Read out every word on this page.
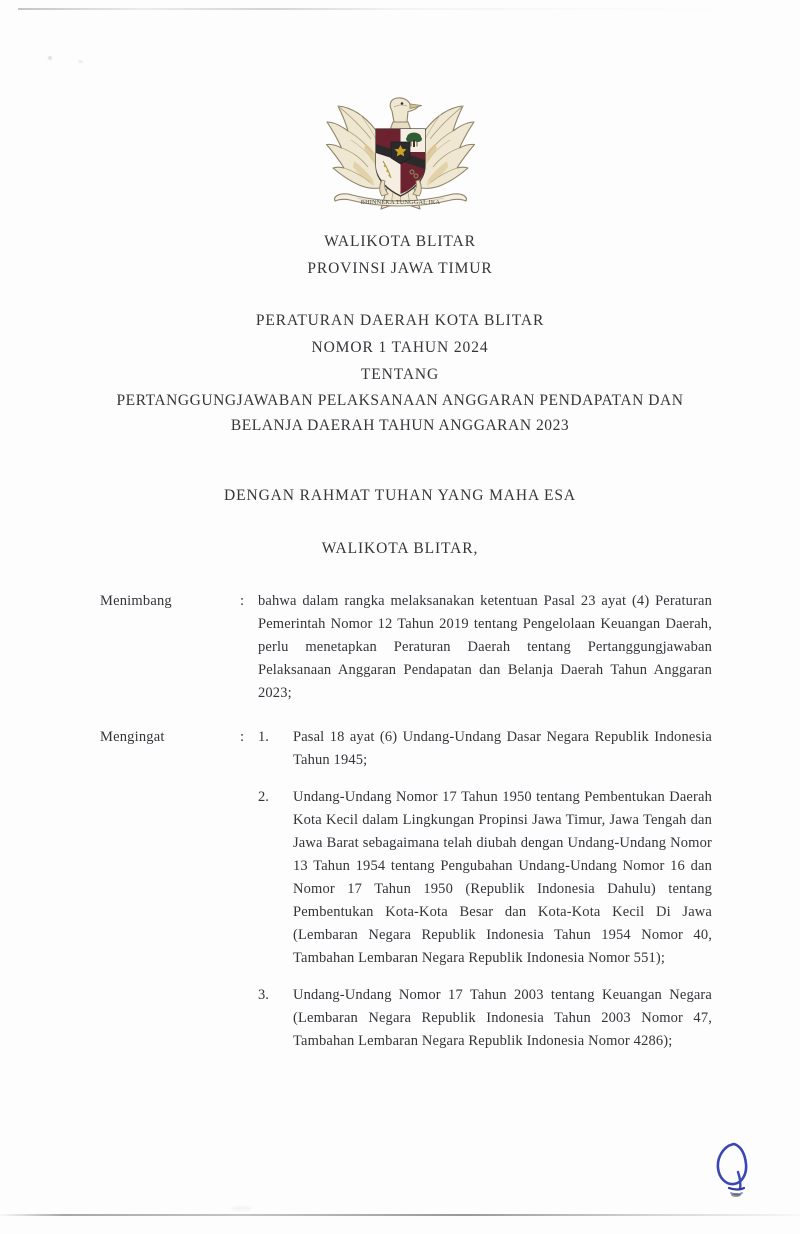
BHINNEKA TUNGGAL IKA
WALIKOTA BLITAR
PROVINSI JAWA TIMUR
PERATURAN DAERAH KOTA BLITAR
NOMOR 1 TAHUN 2024
TENTANG
PERTANGGUNGJAWABAN PELAKSANAAN ANGGARAN PENDAPATAN DAN
BELANJA DAERAH TAHUN ANGGARAN 2023
DENGAN RAHMAT TUHAN YANG MAHA ESA
WALIKOTA BLITAR,
Menimbang	: bahwa dalam rangka melaksanakan ketentuan Pasal 23 ayat (4) Peraturan Pemerintah Nomor 12 Tahun 2019 tentang Pengelolaan Keuangan Daerah, perlu menetapkan Peraturan Daerah tentang Pertanggungjawaban Pelaksanaan Anggaran Pendapatan dan Belanja Daerah Tahun Anggaran 2023;
Mengingat	: 1.	Pasal 18 ayat (6) Undang-Undang Dasar Negara Republik Indonesia Tahun 1945;
2.	Undang-Undang Nomor 17 Tahun 1950 tentang Pembentukan Daerah Kota Kecil dalam Lingkungan Propinsi Jawa Timur, Jawa Tengah dan Jawa Barat sebagaimana telah diubah dengan Undang-Undang Nomor 13 Tahun 1954 tentang Pengubahan Undang-Undang Nomor 16 dan Nomor 17 Tahun 1950 (Republik Indonesia Dahulu) tentang Pembentukan Kota-Kota Besar dan Kota-Kota Kecil Di Jawa (Lembaran Negara Republik Indonesia Tahun 1954 Nomor 40, Tambahan Lembaran Negara Republik Indonesia Nomor 551);
3.	Undang-Undang Nomor 17 Tahun 2003 tentang Keuangan Negara (Lembaran Negara Republik Indonesia Tahun 2003 Nomor 47, Tambahan Lembaran Negara Republik Indonesia Nomor 4286);
